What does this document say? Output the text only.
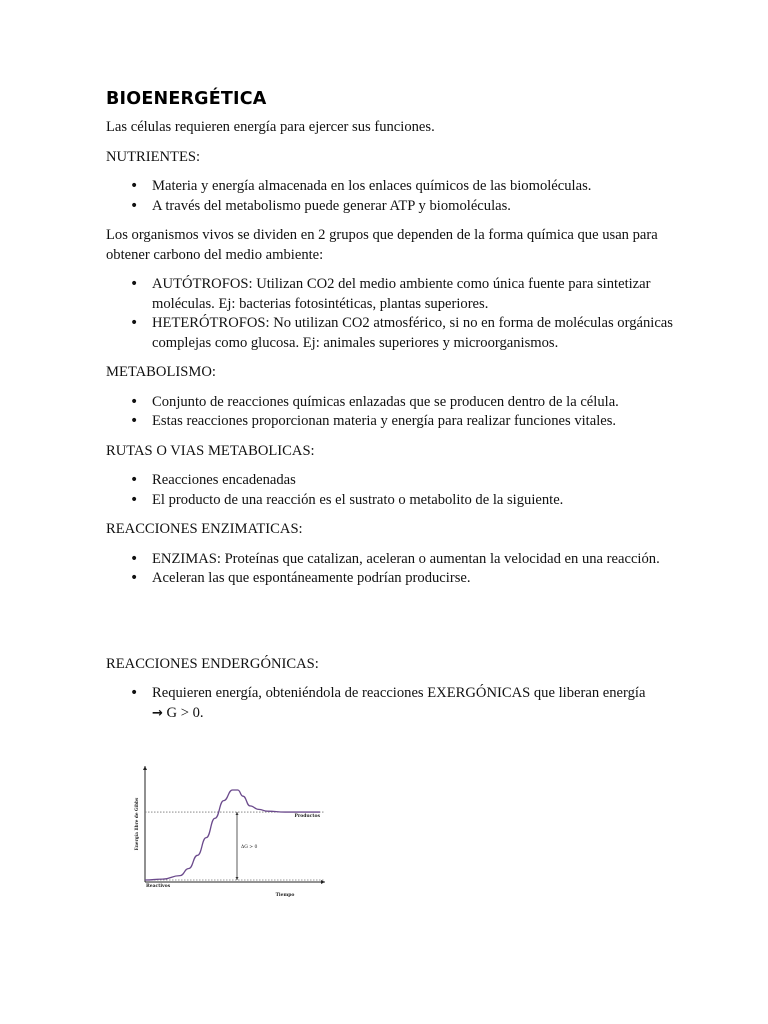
BIOENERGÉTICA

Las células requieren energía para ejercer sus funciones.

NUTRIENTES:

• Materia y energía almacenada en los enlaces químicos de las biomoléculas.
• A través del metabolismo puede generar ATP y biomoléculas.

Los organismos vivos se dividen en 2 grupos que dependen de la forma química que usan para obtener carbono del medio ambiente:

• AUTÓTROFOS: Utilizan CO2 del medio ambiente como única fuente para sintetizar moléculas. Ej: bacterias fotosintéticas, plantas superiores.
• HETERÓTROFOS: No utilizan CO2 atmosférico, si no en forma de moléculas orgánicas complejas como glucosa. Ej: animales superiores y microorganismos.

METABOLISMO:

• Conjunto de reacciones químicas enlazadas que se producen dentro de la célula.
• Estas reacciones proporcionan materia y energía para realizar funciones vitales.

RUTAS O VIAS METABOLICAS:

• Reacciones encadenadas
• El producto de una reacción es el sustrato o metabolito de la siguiente.

REACCIONES ENZIMATICAS:

• ENZIMAS: Proteínas que catalizan, aceleran o aumentan la velocidad en una reacción.
• Aceleran las que espontáneamente podrían producirse.

REACCIONES ENDERGÓNICAS:

• Requieren energía, obteniéndola de reacciones EXERGÓNICAS que liberan energía
→ G > 0.
ΔG > 0
Productos
Reactivos
Tiempo
Energía libre de Gibbs
